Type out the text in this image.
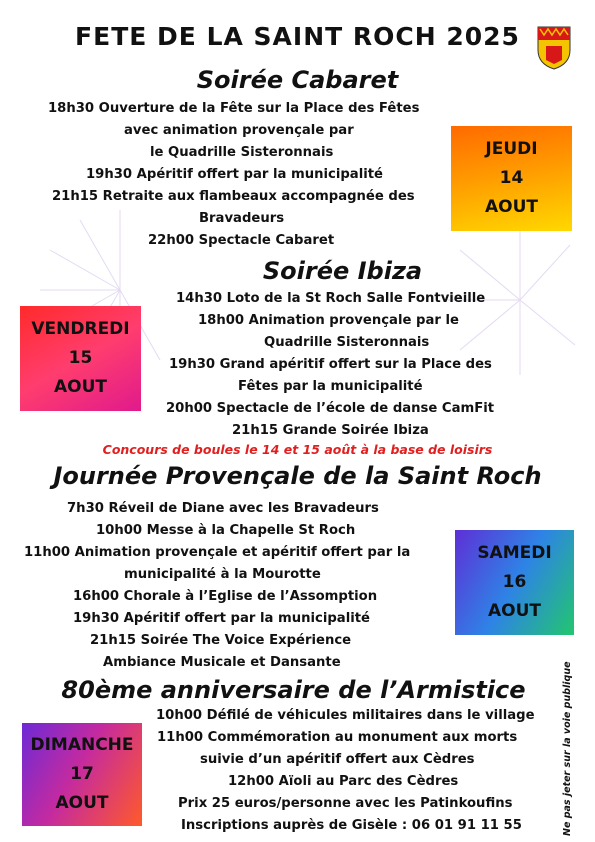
FETE DE LA SAINT ROCH 2025
Soirée Cabaret
18h30 Ouverture de la Fête sur la Place des Fêtes
avec animation provençale par
le Quadrille Sisteronnais
19h30 Apéritif offert par la municipalité
21h15 Retraite aux flambeaux accompagnée des
Bravadeurs
22h00 Spectacle Cabaret
JEUDI
14
AOUT
Soirée Ibiza
14h30 Loto de la St Roch Salle Fontvieille
18h00 Animation provençale par le
Quadrille Sisteronnais
19h30 Grand apéritif offert sur la Place des
Fêtes par la municipalité
20h00 Spectacle de l’école de danse CamFit
21h15 Grande Soirée Ibiza
VENDREDI
15
AOUT
Concours de boules le 14 et 15 août à la base de loisirs
Journée Provençale de la Saint Roch
7h30 Réveil de Diane avec les Bravadeurs
10h00 Messe à la Chapelle St Roch
11h00 Animation provençale et apéritif offert par la
municipalité à la Mourotte
16h00 Chorale à l’Eglise de l’Assomption
19h30 Apéritif offert par la municipalité
21h15 Soirée The Voice Expérience
Ambiance Musicale et Dansante
SAMEDI
16
AOUT
80ème anniversaire de l’Armistice
10h00 Défilé de véhicules militaires dans le village
11h00 Commémoration au monument aux morts
suivie d’un apéritif offert aux Cèdres
12h00 Aïoli au Parc des Cèdres
Prix 25 euros/personne avec les Patinkoufins
Inscriptions auprès de Gisèle : 06 01 91 11 55
DIMANCHE
17
AOUT	Ne pas jeter sur la voie publique
